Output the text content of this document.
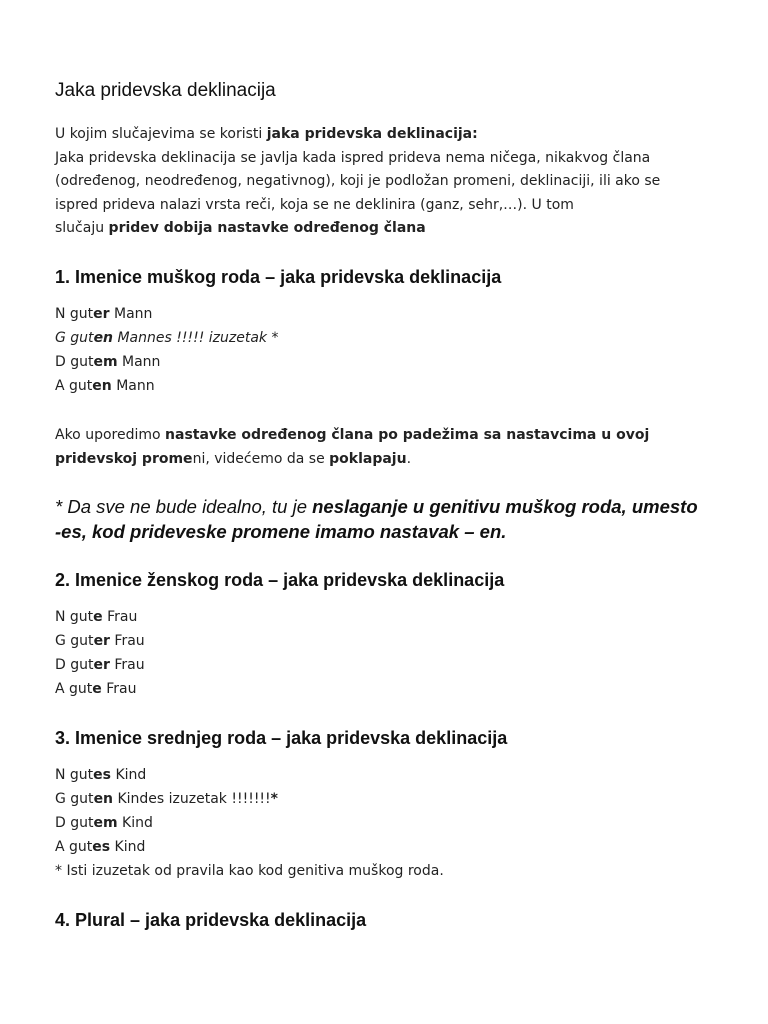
Jaka pridevska deklinacija
U kojim slučajevima se koristi jaka pridevska deklinacija:
Jaka pridevska deklinacija se javlja kada ispred prideva nema ničega, nikakvog člana
(određenog, neodređenog, negativnog), koji je podložan promeni, deklinaciji, ili ako se
ispred prideva nalazi vrsta reči, koja se ne deklinira (ganz, sehr,…). U tom
slučaju pridev dobija nastavke određenog člana
1. Imenice muškog roda – jaka pridevska deklinacija
N guter Mann
G guten Mannes !!!!! izuzetak *
D gutem Mann
A guten Mann
Ako uporedimo nastavke određenog člana po padežima sa nastavcima u ovoj
pridevskoj promeni, videćemo da se poklapaju.
* Da sve ne bude idealno, tu je neslaganje u genitivu muškog roda, umesto
-es, kod prideveske promene imamo nastavak – en.
2. Imenice ženskog roda – jaka pridevska deklinacija
N gute Frau
G guter Frau
D guter Frau
A gute Frau
3. Imenice srednjeg roda – jaka pridevska deklinacija
N gutes Kind
G guten Kindes izuzetak !!!!!!!*
D gutem Kind
A gutes Kind
* Isti izuzetak od pravila kao kod genitiva muškog roda.
4. Plural – jaka pridevska deklinacija
